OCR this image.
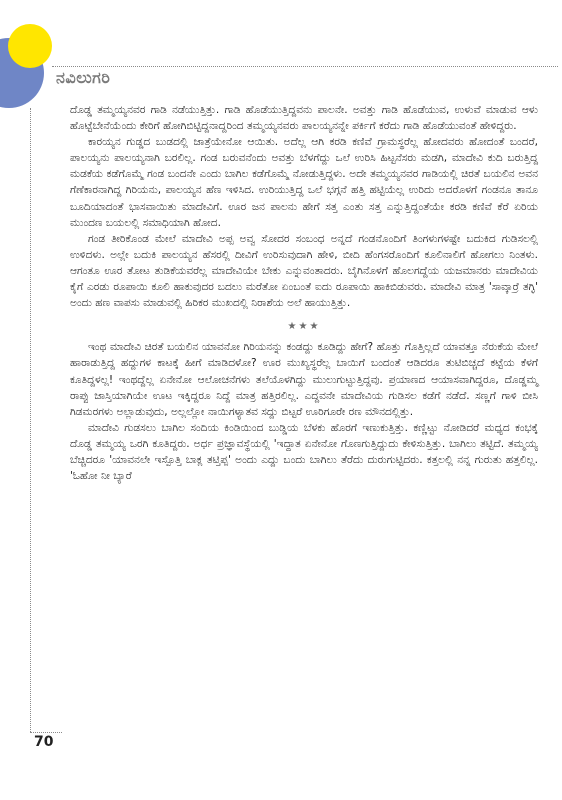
ನವಿಲುಗರಿ

ದೊಡ್ಡ ತಮ್ಮಯ್ಯನವರ ಗಾಡಿ ನಡೆಯುತ್ತಿತ್ತು. ಗಾಡಿ ಹೊಡೆಯುತ್ತಿದ್ದವನು ಪಾಲನೇ. ಅವತ್ತು ಗಾಡಿ ಹೊಡೆಯುವ, ಉಳುವೆ ಮಾಡುವ ಆಳು ಹೊಟ್ಟೆಬೇನೆಯೆಂದು ಕೇರಿಗೆ ಹೋಗಿಬಿಟ್ಟಿದ್ದನಾದ್ದರಿಂದ ತಮ್ಮಯ್ಯನವರು ಪಾಲಯ್ಯನನ್ನೇ ಪರ್ಕಿಗೆ ಕರೆದು ಗಾಡಿ ಹೊಡೆಯುವಂತೆ ಹೇಳಿದ್ದರು.

ಕಾರಯ್ಯನ ಗುಡ್ಡದ ಬುಡದಲ್ಲಿ ಜಾತ್ರೆಯೇನೋ ಆಯಿತು. ಅದೆಲ್ಲ ಆಗಿ ಕರಡಿ ಕಣಿವೆ ಗ್ರಾಮಸ್ಥರೆಲ್ಲ ಹೋದವರು ಹೋದಂತೆ ಬಂದರೆ, ಪಾಲಯ್ಯನು ಪಾಲಯ್ಯನಾಗಿ ಬರಲಿಲ್ಲ. ಗಂಡ ಬರುವನೆಂದು ಅವತ್ತು ಬೆಳಗೆದ್ದು ಒಲೆ ಉರಿಸಿ ಹಿಟ್ಟನೆಸರು ಮಡಗಿ, ಮಾದೇವಿ ಕುದಿ ಬರುತ್ತಿದ್ದ ಮಡಕೆಯ ಕಡೆಗೊಮ್ಮೆ ಗಂಡ ಬಂದನೇ ಎಂದು ಬಾಗಿಲ ಕಡೆಗೊಮ್ಮೆ ನೋಡುತ್ತಿದ್ದಳು. ಅದೇ ತಮ್ಮಯ್ಯನವರ ಗಾಡಿಯಲ್ಲಿ ಚಿರತೆ ಬಯಲಿನ ಅವನ ಗೆಣೆಕಾರನಾಗಿದ್ದ ಗಿರಿಯನು, ಪಾಲಯ್ಯನ ಹೆಣ ಇಳಿಸಿದ. ಉರಿಯುತ್ತಿದ್ದ ಒಲೆ ಭಗ್ಗನೆ ಹತ್ತಿ ಹಟ್ಟಿಯೆಲ್ಲ ಉರಿದು ಅದರೊಳಗೆ ಗಂಡನೂ ತಾನೂ ಬೂದಿಯಾದಂತೆ ಭಾಸವಾಯಿತು ಮಾದೇವಿಗೆ. ಊರ ಜನ ಪಾಲನು ಹೇಗೆ ಸತ್ತ ಎಂತು ಸತ್ತ ಎನ್ನುತ್ತಿದ್ದಂತೆಯೇ ಕರಡಿ ಕಣಿವೆ ಕೆರೆ ಏರಿಯ ಮುಂದಣ ಬಯಲಲ್ಲಿ ಸಮಾಧಿಯಾಗಿ ಹೋದ.

ಗಂಡ ತೀರಿಕೊಂಡ ಮೇಲೆ ಮಾದೇವಿ ಅಪ್ಪ ಅವ್ವ ಸೋದರ ಸಂಬಂಧ ಅನ್ನದೆ ಗಂಡನೊಂದಿಗೆ ತಿಂಗಳುಗಳಷ್ಟೇ ಬದುಕಿದ ಗುಡಿಸಲಲ್ಲಿ ಉಳಿದಳು. ಅಲ್ಲೇ ಬದುಕಿ ಪಾಲಯ್ಯನ ಹೆಸರಲ್ಲಿ ದೀವಿಗೆ ಉರಿಸುವುದಾಗಿ ಹೇಳಿ, ಬೀದಿ ಹೆಂಗಸರೊಂದಿಗೆ ಕೂಲಿನಾಲಿಗೆ ಹೋಗಲು ನಿಂತಳು. ಆಗಂತೂ ಊರ ತೋಟ ತುಡಿಕೆಯವರೆಲ್ಲ ಮಾದೇವಿಯೇ ಬೇಕು ಎನ್ನುವಂತಾದರು. ಬೈಗಿನೊಳಗೆ ಹೊಲಗದ್ದೆಯ ಯಜಮಾನರು ಮಾದೇವಿಯ ಕೈಗೆ ಎರಡು ರೂಪಾಯಿ ಕೂಲಿ ಹಾಕುವುದರ ಬದಲು ಮರೆತೋ ಏಂಬಂತೆ ಐದು ರೂಪಾಯಿ ಹಾಕಿಬಿಡುವರು. ಮಾದೇವಿ ಮಾತ್ರ 'ಸಾವ್ಕಾರ್ರೆ ತಗ್ಳಿ' ಅಂದು ಹಣ ವಾಪಸು ಮಾಡುವಲ್ಲಿ ಹಿರಿಕರ ಮುಖದಲ್ಲಿ ನಿರಾಶೆಯ ಅಲೆ ಹಾಯುತ್ತಿತ್ತು.

★★★

ಇಂಥ ಮಾದೇವಿ ಚಿರತೆ ಬಯಲಿನ ಯಾವನೋ ಗಿರಿಯನನ್ನು ಕಂಡದ್ದು ಕೂಡಿದ್ದು ಹೇಗೆ? ಹೊತ್ತು ಗೊತ್ತಿಲ್ಲದೆ ಯಾವತ್ತೂ ನೆರುಕೆಯ ಮೇಲೆ ಹಾರಾಡುತ್ತಿದ್ದ ಹದ್ದುಗಳ ಕಾಟಕ್ಕೆ ಹೀಗೆ ಮಾಡಿದಳೋ? ಊರ ಮುಖ್ಯಸ್ಥರೆಲ್ಲ ಬಾಯಿಗೆ ಬಂದಂತೆ ಆಡಿದರೂ ತುಟಿಬಿಚ್ಚದೆ ಕಟ್ಟೆಯ ಕೆಳಗೆ ಕೂತಿದ್ದಳಲ್ಲ! ಇಂಥದ್ದೆಲ್ಲ ಏನೇನೋ ಆಲೋಚನೆಗಳು ತಲೆಯೊಳಗಿದ್ದು ಮುಲುಗುಟ್ಟುತ್ತಿದ್ದವು. ಪ್ರಯಾಣದ ಆಯಾಸವಾಗಿದ್ದರೂ, ದೊಡ್ಡಮ್ಮ ರಾಪ್ಪು ಜಾಸ್ತಿಯಾಗಿಯೇ ಊಟ ಇಕ್ಕಿದ್ದರೂ ನಿದ್ದೆ ಮಾತ್ರ ಹತ್ತಿರಲಿಲ್ಲ. ಎದ್ದವನೇ ಮಾದೇವಿಯ ಗುಡಿಸಲ ಕಡೆಗೆ ನಡೆದೆ. ಸಣ್ಣಗೆ ಗಾಳಿ ಬೀಸಿ ಗಿಡಮರಗಳು ಅಲ್ಲಾಡುವುದು, ಅಲ್ಲಲ್ಲೋ ನಾಯಿಗಳ್ಯಾತವ ಸದ್ದು ಬಿಟ್ಟರೆ ಊರಿಗೂರೇ ರಣ ಮೌನದಲ್ಲಿತ್ತು.

ಮಾದೇವಿ ಗುಡಸಲು ಬಾಗಿಲ ಸಂದಿಯ ಕಿಂಡಿಯಿಂದ ಬುಡ್ಡಿಯ ಬೆಳಕು ಹೊರಗೆ ಇಣುಕುತ್ತಿತ್ತು. ಕಣ್ಣಿಟ್ಟು ನೋಡಿದರೆ ಮಧ್ಯದ ಕಂಭಕ್ಕೆ ದೊಡ್ಡ ತಮ್ಮಯ್ಯ ಒರಗಿ ಕೂತಿದ್ದರು. ಅರ್ಧ ಪ್ರಜ್ಞಾವಸ್ಥೆಯಲ್ಲಿ 'ಇದ್ದಾತ ಏನೇನೋ ಗೊಣಗುತ್ತಿದ್ದುದು ಕೇಳಿಸುತ್ತಿತ್ತು. ಬಾಗಿಲು ತಟ್ಟಿದೆ. ತಮ್ಮಯ್ಯ ಬೆಚ್ಚಿದರೂ 'ಯಾವನಲೇ ಇಸ್ಪೊತ್ತಿ ಬಾಕ್ಲ ತಟ್ತಿಪ್ಪ' ಅಂದು ಎದ್ದು ಬಂದು ಬಾಗಿಲು ತೆರೆದು ದುರುಗುಟ್ಟಿದರು. ಕತ್ತಲಲ್ಲಿ ನನ್ನ ಗುರುತು ಹತ್ತಲಿಲ್ಲ. 'ಓಹೋ ನೀ ಬ್ಯಾರೆ

70
